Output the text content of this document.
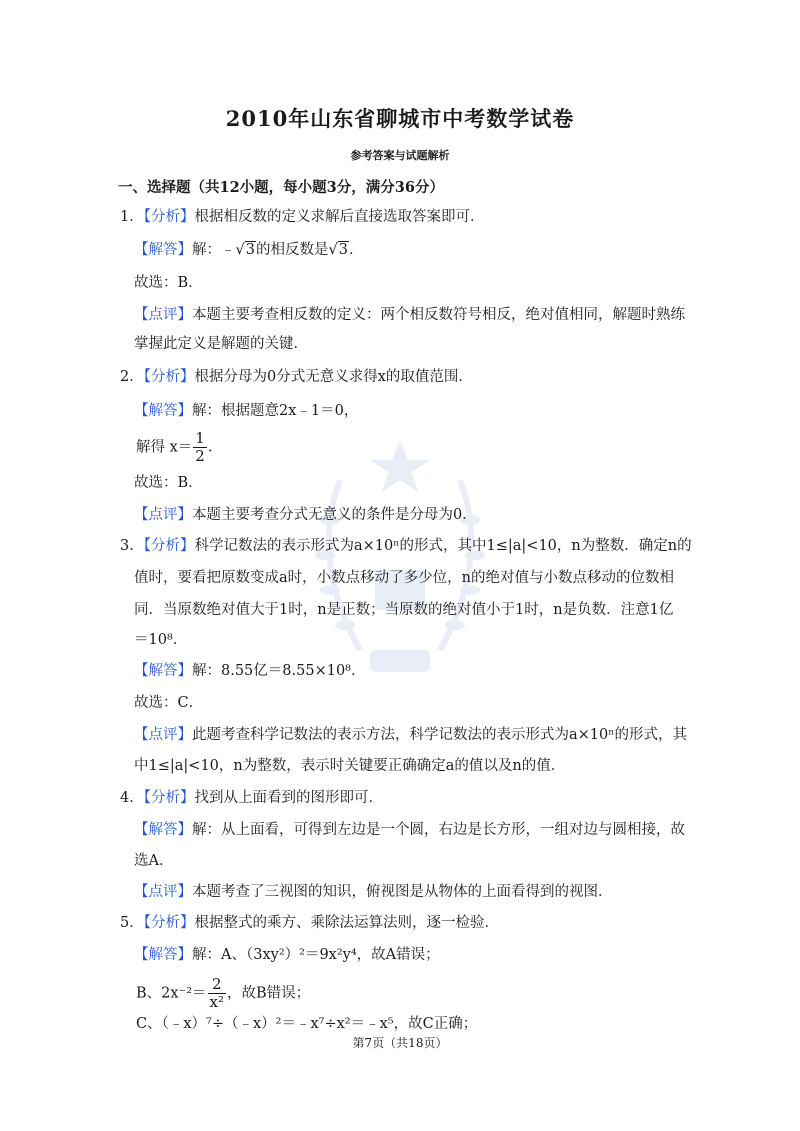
2010年山东省聊城市中考数学试卷
参考答案与试题解析
一、选择题（共12小题，每小题3分，满分36分）
1．【分析】根据相反数的定义求解后直接选取答案即可．
【解答】解：﹣√3的相反数是√3．
故选：B．
【点评】本题主要考查相反数的定义：两个相反数符号相反，绝对值相同，解题时熟练
掌握此定义是解题的关键．
2．【分析】根据分母为0分式无意义求得x的取值范围．
【解答】解：根据题意2x﹣1＝0，
解得 $x= \frac{1}{2}$ .
故选：B．
【点评】本题主要考查分式无意义的条件是分母为0．
3．【分析】科学记数法的表示形式为a×10ⁿ的形式，其中1≤|a|<10，n为整数．确定n的
值时，要看把原数变成a时，小数点移动了多少位，n的绝对值与小数点移动的位数相
同．当原数绝对值大于1时，n是正数；当原数的绝对值小于1时，n是负数．注意1亿
＝10⁸．
【解答】解：8.55亿＝8.55×10⁸．
故选：C．
【点评】此题考查科学记数法的表示方法，科学记数法的表示形式为a×10ⁿ的形式，其
中1≤|a|<10，n为整数，表示时关键要正确确定a的值以及n的值．
4．【分析】找到从上面看到的图形即可．
【解答】解：从上面看，可得到左边是一个圆，右边是长方形，一组对边与圆相接，故
选A．
【点评】本题考查了三视图的知识，俯视图是从物体的上面看得到的视图．
5．【分析】根据整式的乘方、乘除法运算法则，逐一检验．
【解答】解：A、（3xy²）²＝9x²y⁴，故A错误；
B、$2x^{-2}= \frac{2}{\text{x²}}$ ，故B错误；
C、（﹣x）⁷÷（﹣x）²＝﹣x⁷÷x²＝﹣x⁵，故C正确；
第7页（共18页）
